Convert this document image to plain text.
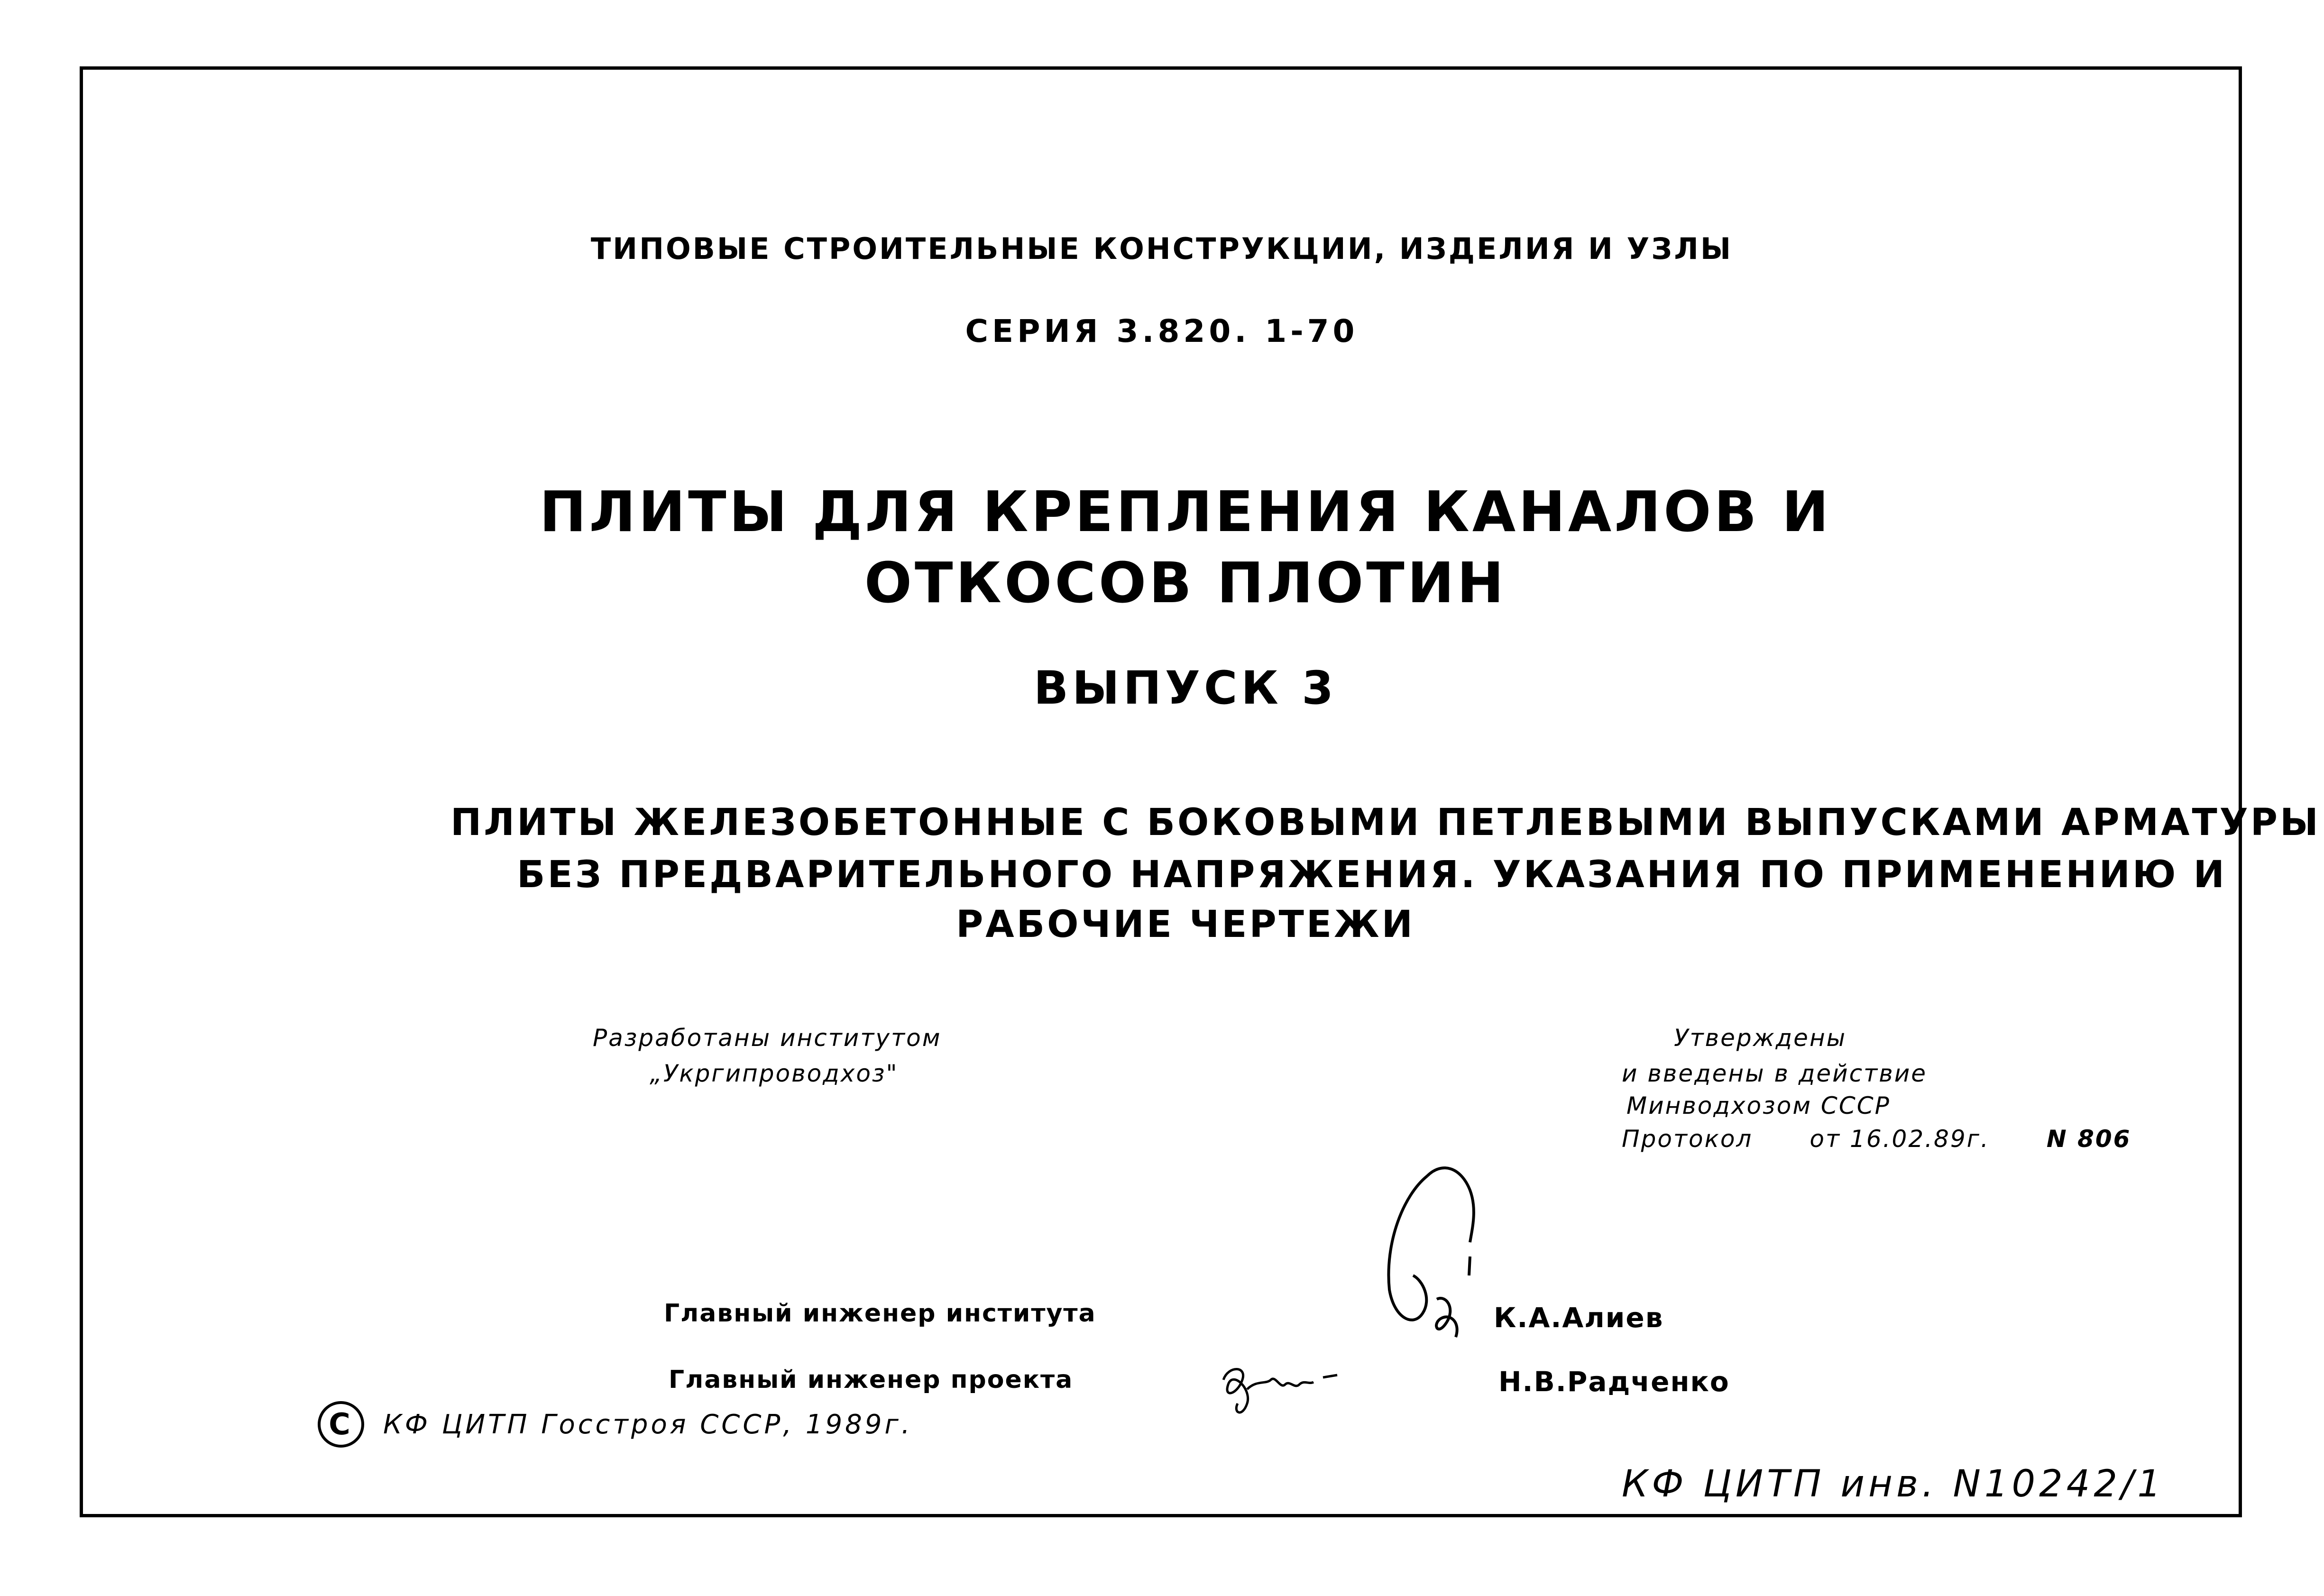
ТИПОВЫЕ СТРОИТЕЛЬНЫЕ КОНСТРУКЦИИ, ИЗДЕЛИЯ И УЗЛЫ
СЕРИЯ 3.820. 1-70
ПЛИТЫ ДЛЯ КРЕПЛЕНИЯ КАНАЛОВ И
ОТКОСОВ ПЛОТИН
ВЫПУСК 3
ПЛИТЫ ЖЕЛЕЗОБЕТОННЫЕ С БОКОВЫМИ ПЕТЛЕВЫМИ ВЫПУСКАМИ АРМАТУРЫ
БЕЗ ПРЕДВАРИТЕЛЬНОГО НАПРЯЖЕНИЯ. УКАЗАНИЯ ПО ПРИМЕНЕНИЮ И
РАБОЧИЕ ЧЕРТЕЖИ
Разработаны институтом
„Укргипроводхоз"
Утверждены
и введены в действие
Минводхозом СССР
Протокол от 16.02.89г. N 806
Главный инженер института	К.А.Алиев
Главный инженер проекта	Н.В.Радченко
C	КФ ЦИТП Госстроя СССР, 1989г.
КФ ЦИТП инв. N10242/1
